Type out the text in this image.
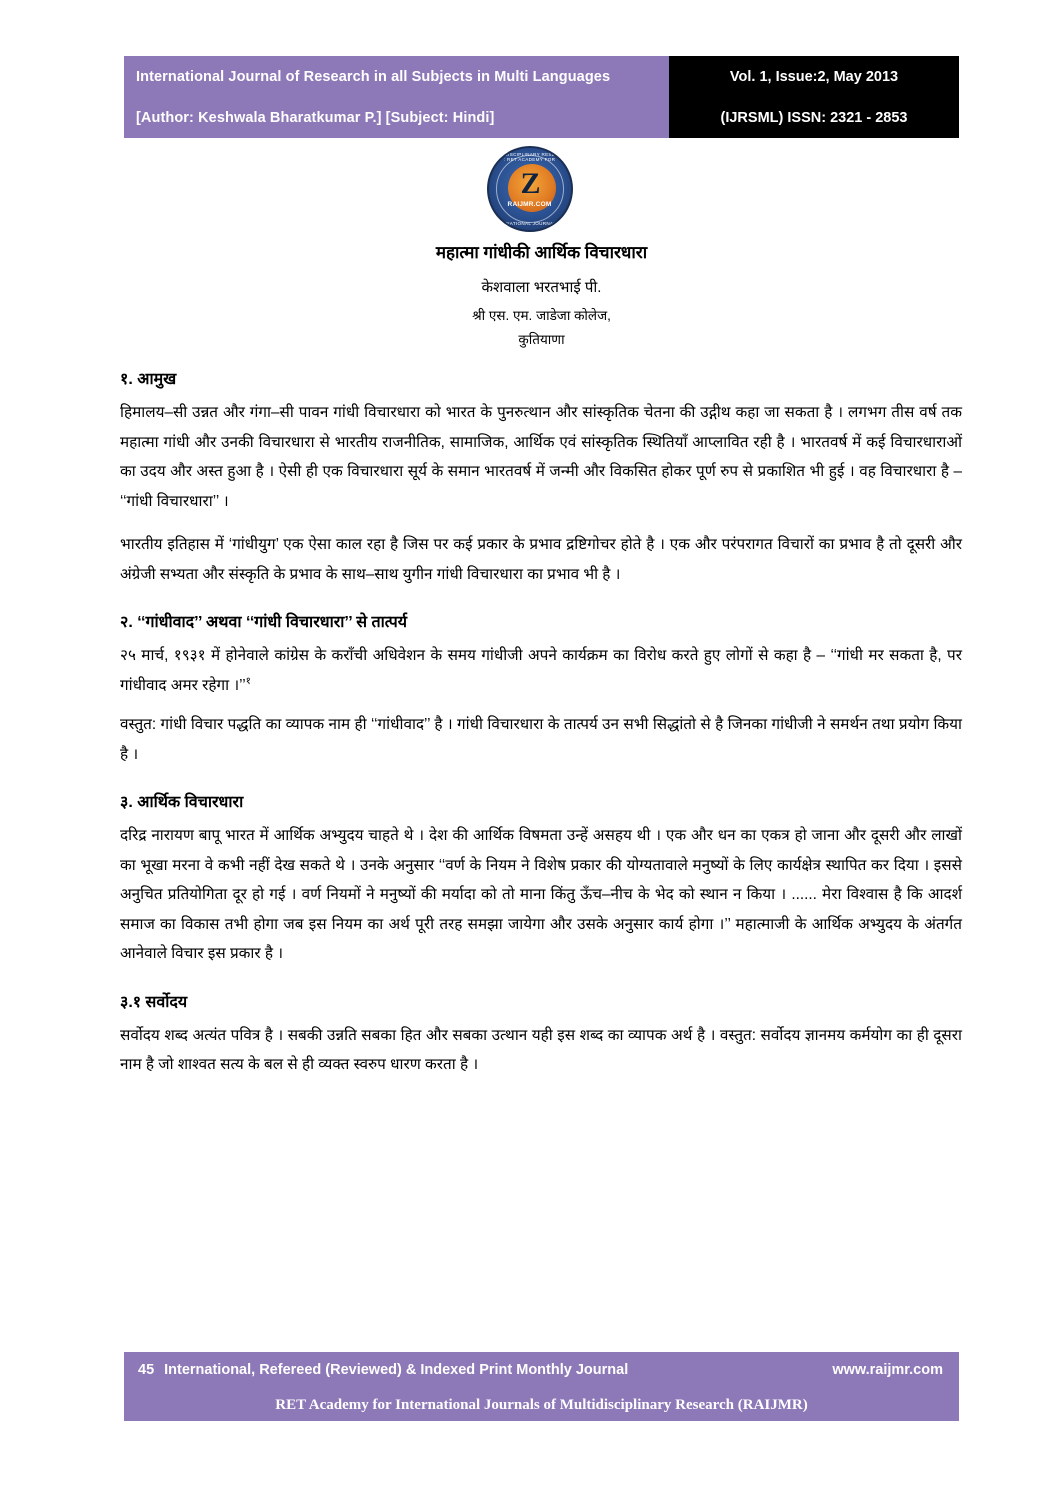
International Journal of Research in all Subjects in Multi Languages	Vol. 1, Issue:2, May 2013
[Author: Keshwala Bharatkumar P.] [Subject: Hindi]	(IJRSML) ISSN: 2321 - 2853
MULTIDISCIPLINARY RESEARCH : RET ACADEMY FOR
Z
RAIJMR.COM
INTERNATIONAL JOURNALS OF
महात्मा गांधीकी आर्थिक विचारधारा
केशवाला भरतभाई पी.
श्री एस. एम. जाडेजा कोलेज,
कुतियाणा
१. आमुख

हिमालय–सी उन्नत और गंगा–सी पावन गांधी विचारधारा को भारत के पुनरुत्थान और सांस्कृतिक चेतना की उद्गीथ कहा जा सकता है । लगभग तीस वर्ष तक महात्मा गांधी और उनकी विचारधारा से भारतीय राजनीतिक, सामाजिक, आर्थिक एवं सांस्कृतिक स्थितियाँ आप्लावित रही है । भारतवर्ष में कई विचारधाराओं का उदय और अस्त हुआ है । ऐसी ही एक विचारधारा सूर्य के समान भारतवर्ष में जन्मी और विकसित होकर पूर्ण रुप से प्रकाशित भी हुई । वह विचारधारा है – ‘‘गांधी विचारधारा’’ ।

भारतीय इतिहास में ‘गांधीयुग’ एक ऐसा काल रहा है जिस पर कई प्रकार के प्रभाव द्रष्टिगोचर होते है । एक और परंपरागत विचारों का प्रभाव है तो दूसरी और अंग्रेजी सभ्यता और संस्कृति के प्रभाव के साथ–साथ युगीन गांधी विचारधारा का प्रभाव भी है ।

२. ‘‘गांधीवाद’’ अथवा ‘‘गांधी विचारधारा’’ से तात्पर्य

२५ मार्च, १९३१ में होनेवाले कांग्रेस के कराँची अधिवेशन के समय गांधीजी अपने कार्यक्रम का विरोध करते हुए लोगों से कहा है – ‘‘गांधी मर सकता है, पर गांधीवाद अमर रहेगा ।’’$^१$

वस्तुत: गांधी विचार पद्धति का व्यापक नाम ही ‘‘गांधीवाद’’ है । गांधी विचारधारा के तात्पर्य उन सभी सिद्धांतो से है जिनका गांधीजी ने समर्थन तथा प्रयोग किया है ।

३. आर्थिक विचारधारा

दरिद्र नारायण बापू भारत में आर्थिक अभ्युदय चाहते थे । देश की आर्थिक विषमता उन्हें असहय थी । एक और धन का एकत्र हो जाना और दूसरी और लाखों का भूखा मरना वे कभी नहीं देख सकते थे । उनके अनुसार ‘‘वर्ण के नियम ने विशेष प्रकार की योग्यतावाले मनुष्यों के लिए कार्यक्षेत्र स्थापित कर दिया । इससे अनुचित प्रतियोगिता दूर हो गई । वर्ण नियमों ने मनुष्यों की मर्यादा को तो माना किंतु ऊँच–नीच के भेद को स्थान न किया । ...... मेरा विश्वास है कि आदर्श समाज का विकास तभी होगा जब इस नियम का अर्थ पूरी तरह समझा जायेगा और उसके अनुसार कार्य होगा ।’’ महात्माजी के आर्थिक अभ्युदय के अंतर्गत आनेवाले विचार इस प्रकार है ।

३.१ सर्वोदय

सर्वोदय शब्द अत्यंत पवित्र है । सबकी उन्नति सबका हित और सबका उत्थान यही इस शब्द का व्यापक अर्थ है । वस्तुत: सर्वोदय ज्ञानमय कर्मयोग का ही दूसरा नाम है जो शाश्वत सत्य के बल से ही व्यक्त स्वरुप धारण करता है ।

45 International, Refereed (Reviewed) & Indexed Print Monthly Journal	www.raijmr.com
RET Academy for International Journals of Multidisciplinary Research (RAIJMR)
